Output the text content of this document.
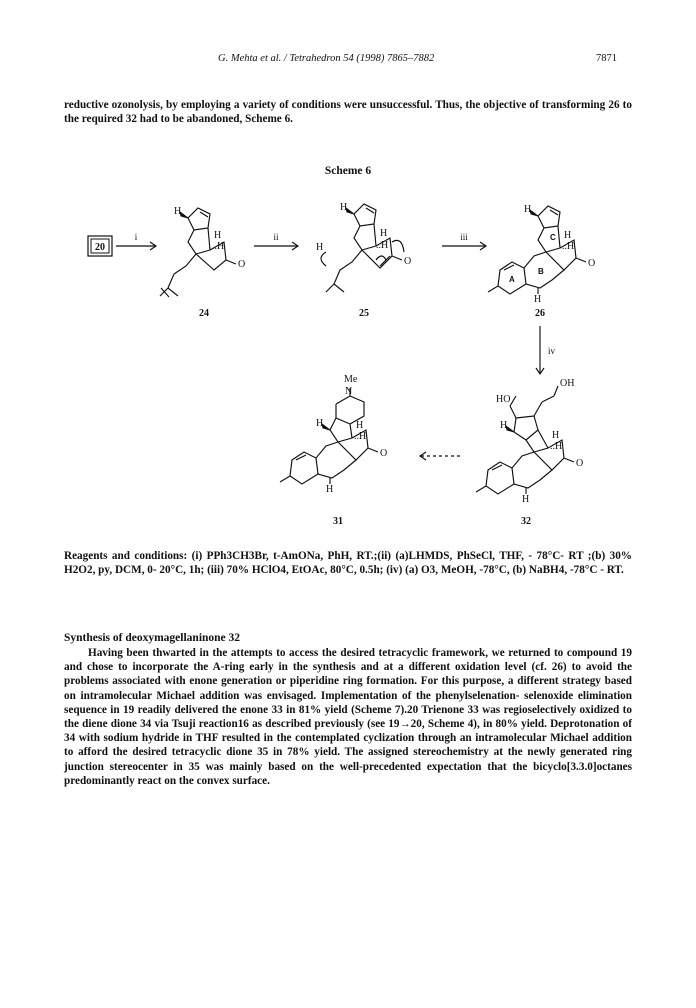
G. Mehta et al. / Tetrahedron 54 (1998) 7865–7882	7871
reductive ozonolysis, by employing a variety of conditions were unsuccessful. Thus, the objective of transforming 26 to the required 32 had to be abandoned, Scheme 6.
Scheme 6
20
i
H
H
..H
O
24
ii
H
H
H
..H
O
25
iii
H
H
..H
O
H
C
A
B
26
iv
HO
OH
H
H
..H
O
H
32
Me
N
H	H
..H
O
H
31
Reagents and conditions: (i) PPh3CH3Br, t-AmONa, PhH, RT.;(ii) (a)LHMDS, PhSeCl, THF, - 78°C- RT ;(b) 30% H2O2, py, DCM, 0- 20°C, 1h; (iii) 70% HClO4, EtOAc, 80°C, 0.5h; (iv) (a) O3, MeOH, -78°C, (b) NaBH4, -78°C - RT.
Synthesis of deoxymagellaninone 32
Having been thwarted in the attempts to access the desired tetracyclic framework, we returned to compound 19 and chose to incorporate the A-ring early in the synthesis and at a different oxidation level (cf. 26) to avoid the problems associated with enone generation or piperidine ring formation. For this purpose, a different strategy based on intramolecular Michael addition was envisaged. Implementation of the phenylselenation- selenoxide elimination sequence in 19 readily delivered the enone 33 in 81% yield (Scheme 7).20 Trienone 33 was regioselectively oxidized to the diene dione 34 via Tsuji reaction16 as described previously (see 19→20, Scheme 4), in 80% yield. Deprotonation of 34 with sodium hydride in THF resulted in the contemplated cyclization through an intramolecular Michael addition to afford the desired tetracyclic dione 35 in 78% yield. The assigned stereochemistry at the newly generated ring junction stereocenter in 35 was mainly based on the well-precedented expectation that the bicyclo[3.3.0]octanes predominantly react on the convex surface.
